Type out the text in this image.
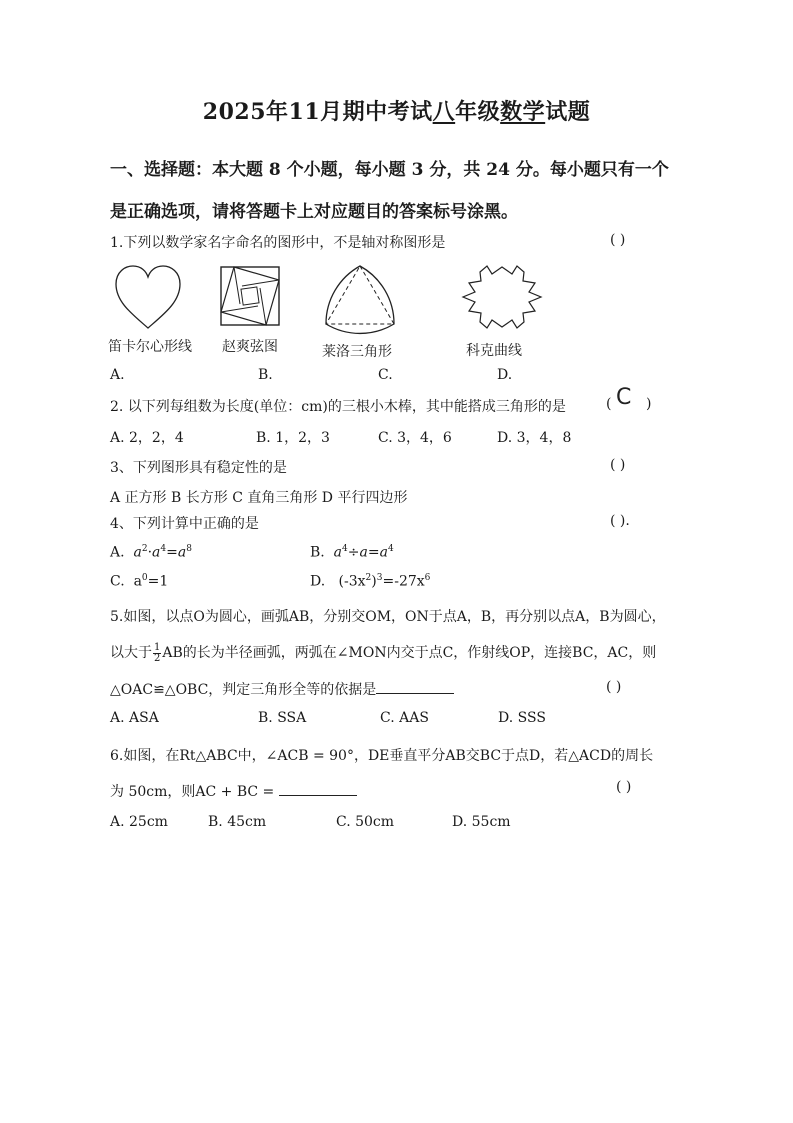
2025年11月期中考试八年级数学试题
一、选择题：本大题 8 个小题，每小题 3 分，共 24 分。每小题只有一个
是正确选项，请将答题卡上对应题目的答案标号涂黑。
1.下列以数学家名字命名的图形中，不是轴对称图形是	( )
笛卡尔心形线 赵爽弦图	莱洛三角形	科克曲线
A.	B.	C.	D.
2. 以下列每组数为长度(单位：cm)的三根小木棒，其中能搭成三角形的是	( C )
A. 2，2，4	B. 1，2，3	C. 3，4，6	D. 3，4，8
3、下列图形具有稳定性的是	( )
A 正方形 B 长方形 C 直角三角形 D 平行四边形
4、下列计算中正确的是	( ).
A. $a^2\cdot a^4=a^8$	B. $a^4\div a=a^4$
C.  $a^0=1$	D.   $(-3x^2)^3=-27x^6$
5.如图，以点O为圆心，画弧AB，分别交OM，ON于点A，B，再分别以点A，B为圆心，
以大于 $\frac{1}{2}$ AB的长为半径画弧，两弧在∠MON内交于点C，作射线OP，连接BC，AC，则
△OAC≌△OBC，判定三角形全等的依据是	( )
A. ASA	B. SSA	C. AAS	D. SSS
6.如图，在Rt△ABC中，∠ACB = 90°，DE垂直平分AB交BC于点D，若△ACD的周长
为 50cm，则AC + BC =	( )
A. 25cm	B. 45cm	C. 50cm	D. 55cm
